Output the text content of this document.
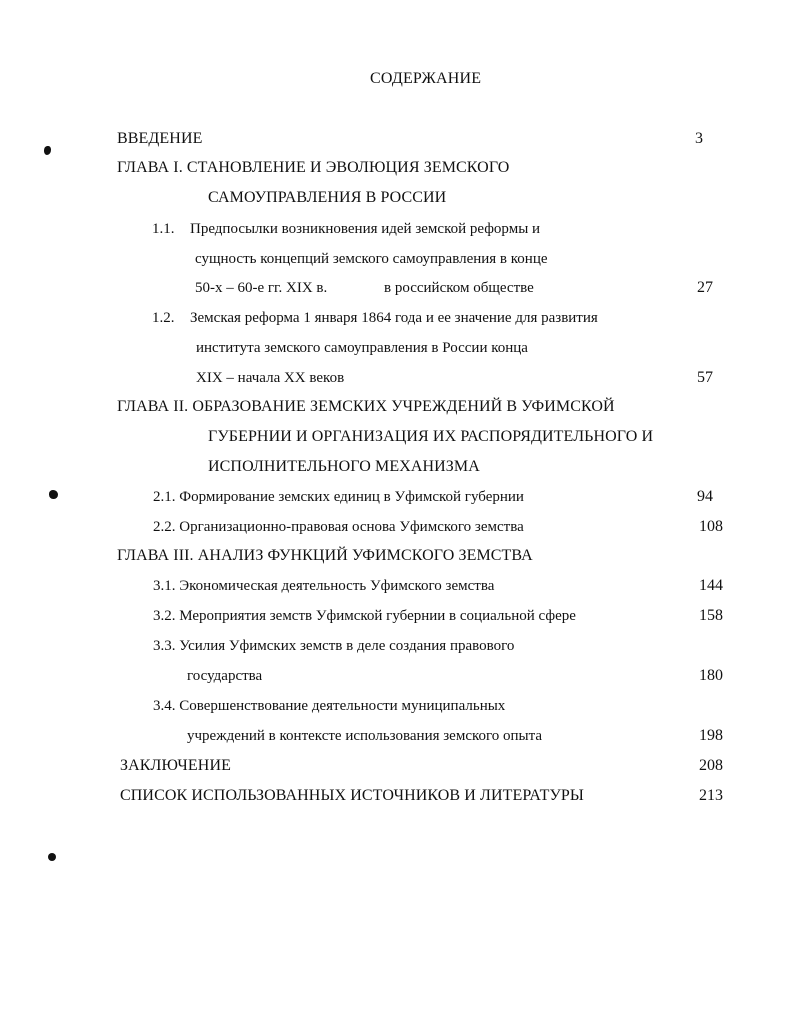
СОДЕРЖАНИЕ
ВВЕДЕНИЕ	3
ГЛАВА I. СТАНОВЛЕНИЕ И ЭВОЛЮЦИЯ ЗЕМСКОГО
САМОУПРАВЛЕНИЯ В РОССИИ
1.1. Предпосылки возникновения идей земской реформы и
сущность концепций земского самоуправления в конце
50-х – 60-е гг. XIX в.	в российском обществе	27
1.2. Земская реформа 1 января 1864 года и ее значение для развития
института земского самоуправления в России конца
XIX – начала XX веков	57
ГЛАВА II. ОБРАЗОВАНИЕ ЗЕМСКИХ УЧРЕЖДЕНИЙ В УФИМСКОЙ
ГУБЕРНИИ И ОРГАНИЗАЦИЯ ИХ РАСПОРЯДИТЕЛЬНОГО И
ИСПОЛНИТЕЛЬНОГО МЕХАНИЗМА
2.1. Формирование земских единиц в Уфимской губернии	94
2.2. Организационно-правовая основа Уфимского земства	108
ГЛАВА III. АНАЛИЗ ФУНКЦИЙ УФИМСКОГО ЗЕМСТВА
3.1. Экономическая деятельность Уфимского земства	144
3.2. Мероприятия земств Уфимской губернии в социальной сфере	158
3.3. Усилия Уфимских земств в деле создания правового
государства	180
3.4. Совершенствование деятельности муниципальных
учреждений в контексте использования земского опыта	198
ЗАКЛЮЧЕНИЕ	208
СПИСОК ИСПОЛЬЗОВАННЫХ ИСТОЧНИКОВ И ЛИТЕРАТУРЫ	213
